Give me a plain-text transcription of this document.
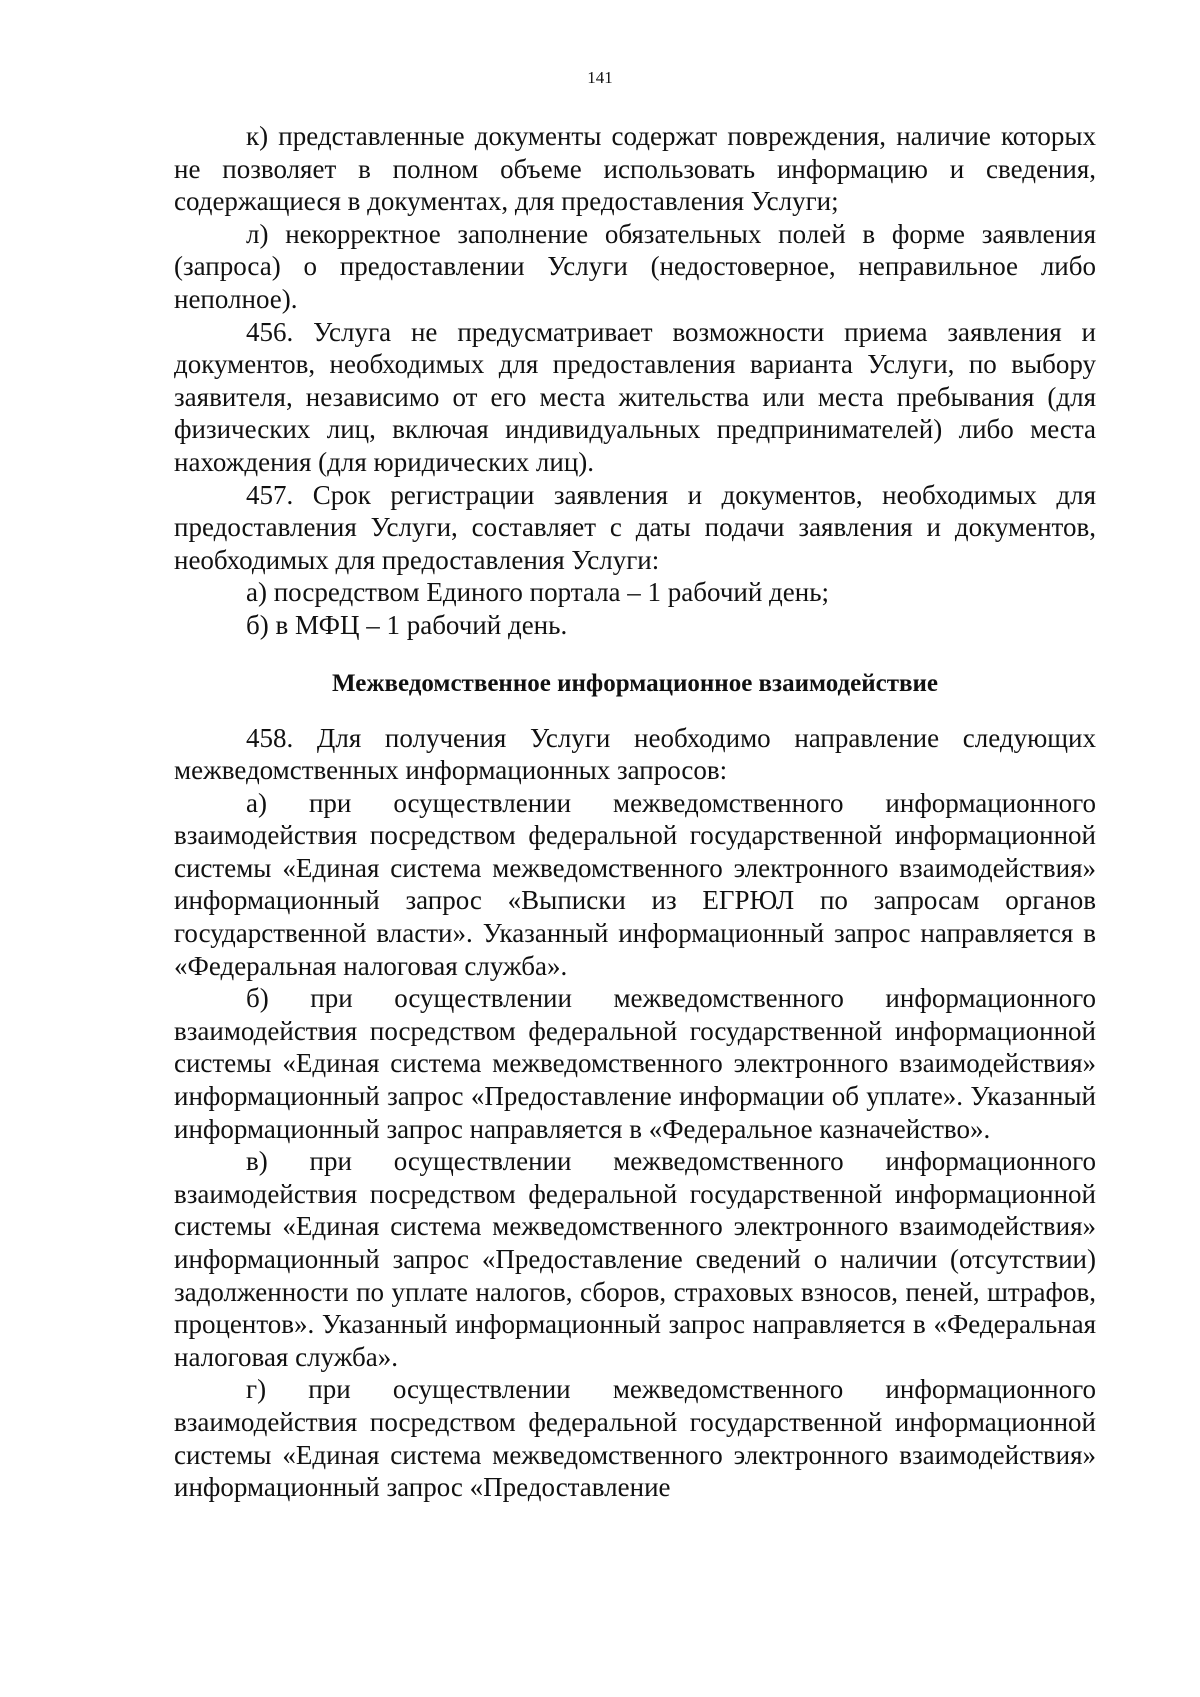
141

к) представленные документы содержат повреждения, наличие которых не позволяет в полном объеме использовать информацию и сведения, содержащиеся в документах, для предоставления Услуги;

л) некорректное заполнение обязательных полей в форме заявления (запроса) о предоставлении Услуги (недостоверное, неправильное либо неполное).

456. Услуга не предусматривает возможности приема заявления и документов, необходимых для предоставления варианта Услуги, по выбору заявителя, независимо от его места жительства или места пребывания (для физических лиц, включая индивидуальных предпринимателей) либо места нахождения (для юридических лиц).

457. Срок регистрации заявления и документов, необходимых для предоставления Услуги, составляет с даты подачи заявления и документов, необходимых для предоставления Услуги:

а) посредством Единого портала – 1 рабочий день;

б) в МФЦ – 1 рабочий день.

Межведомственное информационное взаимодействие

458. Для получения Услуги необходимо направление следующих межведомственных информационных запросов:

а) при осуществлении межведомственного информационного взаимодействия посредством федеральной государственной информационной системы «Единая система межведомственного электронного взаимодействия» информационный запрос «Выписки из ЕГРЮЛ по запросам органов государственной власти». Указанный информационный запрос направляется в «Федеральная налоговая служба».

б) при осуществлении межведомственного информационного взаимодействия посредством федеральной государственной информационной системы «Единая система межведомственного электронного взаимодействия» информационный запрос «Предоставление информации об уплате». Указанный информационный запрос направляется в «Федеральное казначейство».

в) при осуществлении межведомственного информационного взаимодействия посредством федеральной государственной информационной системы «Единая система межведомственного электронного взаимодействия» информационный запрос «Предоставление сведений о наличии (отсутствии) задолженности по уплате налогов, сборов, страховых взносов, пеней, штрафов, процентов». Указанный информационный запрос направляется в «Федеральная налоговая служба».

г) при осуществлении межведомственного информационного взаимодействия посредством федеральной государственной информационной системы «Единая система межведомственного электронного взаимодействия» информационный запрос «Предоставление
